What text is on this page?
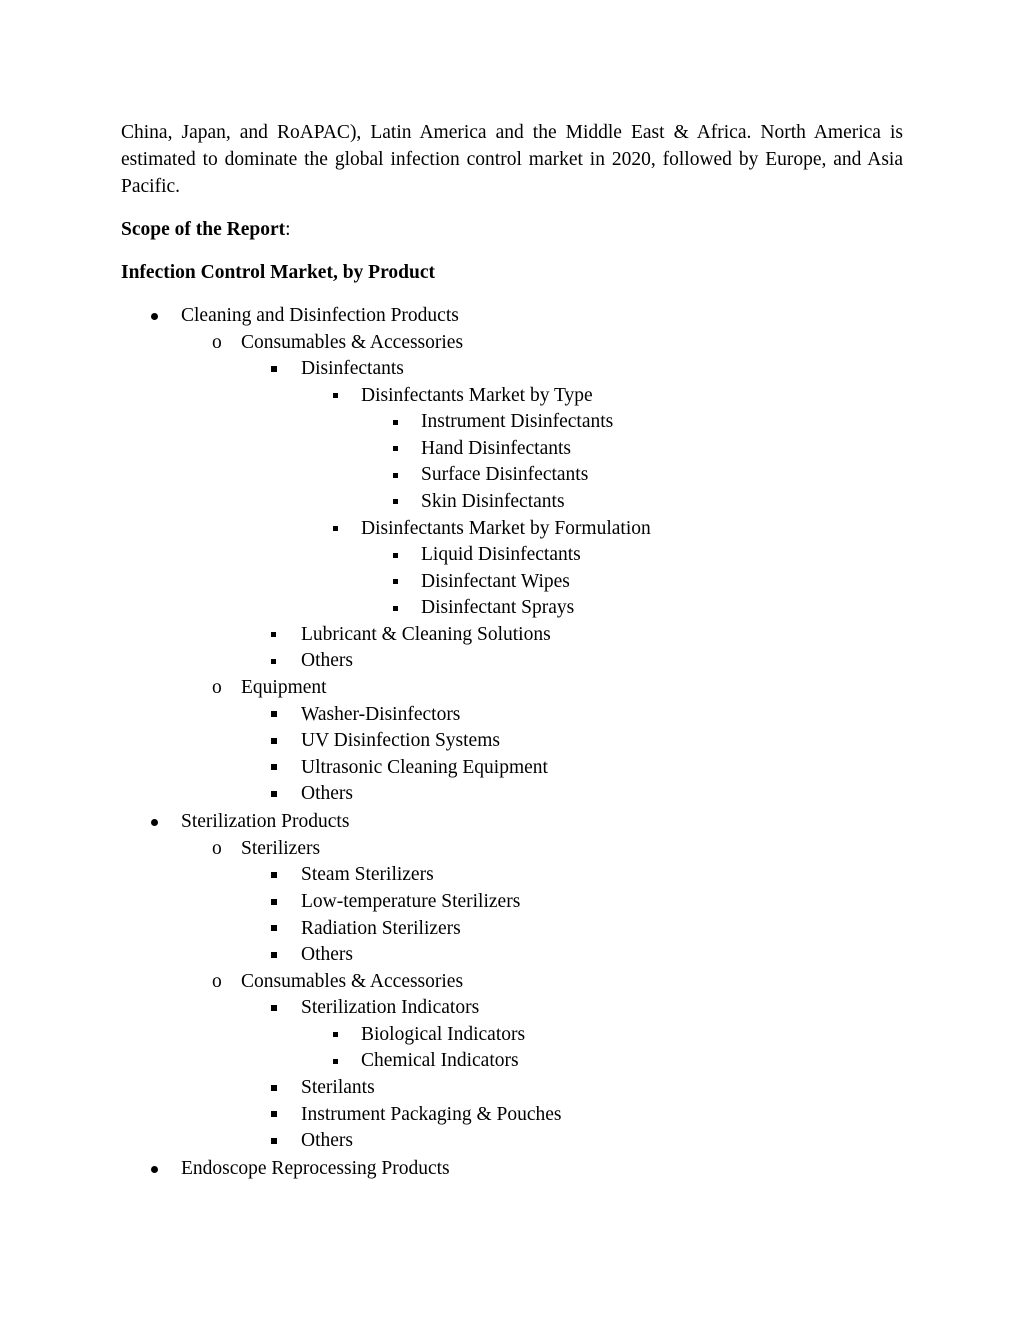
China, Japan, and RoAPAC), Latin America and the Middle East & Africa. North America is estimated to dominate the global infection control market in 2020, followed by Europe, and Asia Pacific.

Scope of the Report:

Infection Control Market, by Product

Cleaning and Disinfection Products
o
Consumables & Accessories
Disinfectants
Disinfectants Market by Type
Instrument Disinfectants
Hand Disinfectants
Surface Disinfectants
Skin Disinfectants
Disinfectants Market by Formulation
Liquid Disinfectants
Disinfectant Wipes
Disinfectant Sprays
Lubricant & Cleaning Solutions
Others
o
Equipment
Washer-Disinfectors
UV Disinfection Systems
Ultrasonic Cleaning Equipment
Others
Sterilization Products
o
Sterilizers
Steam Sterilizers
Low-temperature Sterilizers
Radiation Sterilizers
Others
o
Consumables & Accessories
Sterilization Indicators
Biological Indicators
Chemical Indicators
Sterilants
Instrument Packaging & Pouches
Others
Endoscope Reprocessing Products
